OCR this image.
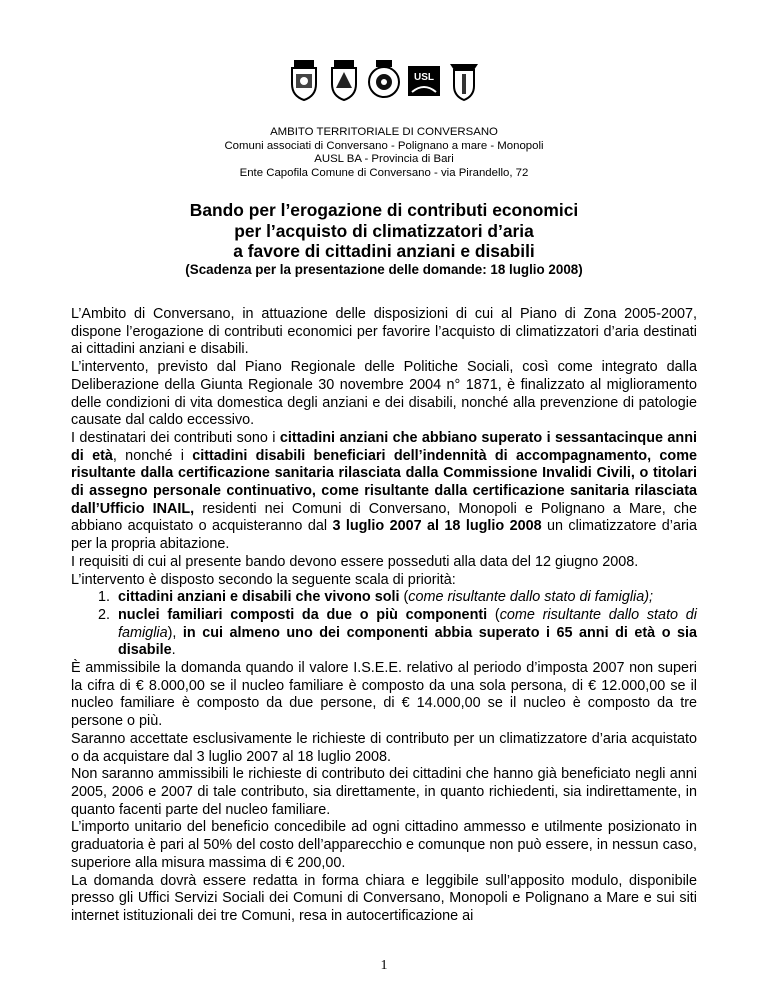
USL
AMBITO TERRITORIALE DI CONVERSANO
Comuni associati di Conversano - Polignano a mare - Monopoli
AUSL BA - Provincia di Bari
Ente Capofila Comune di Conversano - via Pirandello, 72
Bando per l’erogazione di contributi economici
per l’acquisto di climatizzatori d’aria
a favore di cittadini anziani e disabili
(Scadenza per la presentazione delle domande: 18 luglio 2008)

L’Ambito di Conversano, in attuazione delle disposizioni di cui al Piano di Zona 2005-2007, dispone l’erogazione di contributi economici per favorire l’acquisto di climatizzatori d’aria destinati ai cittadini anziani e disabili.

L’intervento, previsto dal Piano Regionale delle Politiche Sociali, così come integrato dalla Deliberazione della Giunta Regionale 30 novembre 2004 n° 1871, è finalizzato al miglioramento delle condizioni di vita domestica degli anziani e dei disabili, nonché alla prevenzione di patologie causate dal caldo eccessivo.

I destinatari dei contributi sono i cittadini anziani che abbiano superato i sessantacinque anni di età, nonché i cittadini disabili beneficiari dell’indennità di accompagnamento, come risultante dalla certificazione sanitaria rilasciata dalla Commissione Invalidi Civili, o titolari di assegno personale continuativo, come risultante dalla certificazione sanitaria rilasciata dall’Ufficio INAIL, residenti nei Comuni di Conversano, Monopoli e Polignano a Mare, che abbiano acquistato o acquisteranno dal 3 luglio 2007 al 18 luglio 2008 un climatizzatore d’aria per la propria abitazione.

I requisiti di cui al presente bando devono essere posseduti alla data del 12 giugno 2008.

L’intervento è disposto secondo la seguente scala di priorità:

1. cittadini anziani e disabili che vivono soli (come risultante dallo stato di famiglia);
2. nuclei familiari composti da due o più componenti (come risultante dallo stato di famiglia), in cui almeno uno dei componenti abbia superato i 65 anni di età o sia disabile.

È ammissibile la domanda quando il valore I.S.E.E. relativo al periodo d’imposta 2007 non superi la cifra di € 8.000,00 se il nucleo familiare è composto da una sola persona, di € 12.000,00 se il nucleo familiare è composto da due persone, di € 14.000,00 se il nucleo è composto da tre persone o più.

Saranno accettate esclusivamente le richieste di contributo per un climatizzatore d’aria acquistato o da acquistare dal 3 luglio 2007 al 18 luglio 2008.

Non saranno ammissibili le richieste di contributo dei cittadini che hanno già beneficiato negli anni 2005, 2006 e 2007 di tale contributo, sia direttamente, in quanto richiedenti, sia indirettamente, in quanto facenti parte del nucleo familiare.

L’importo unitario del beneficio concedibile ad ogni cittadino ammesso e utilmente posizionato in graduatoria è pari al 50% del costo dell’apparecchio e comunque non può essere, in nessun caso, superiore alla misura massima di € 200,00.

La domanda dovrà essere redatta in forma chiara e leggibile sull’apposito modulo, disponibile presso gli Uffici Servizi Sociali dei Comuni di Conversano, Monopoli e Polignano a Mare e sui siti internet istituzionali dei tre Comuni, resa in autocertificazione ai

1
